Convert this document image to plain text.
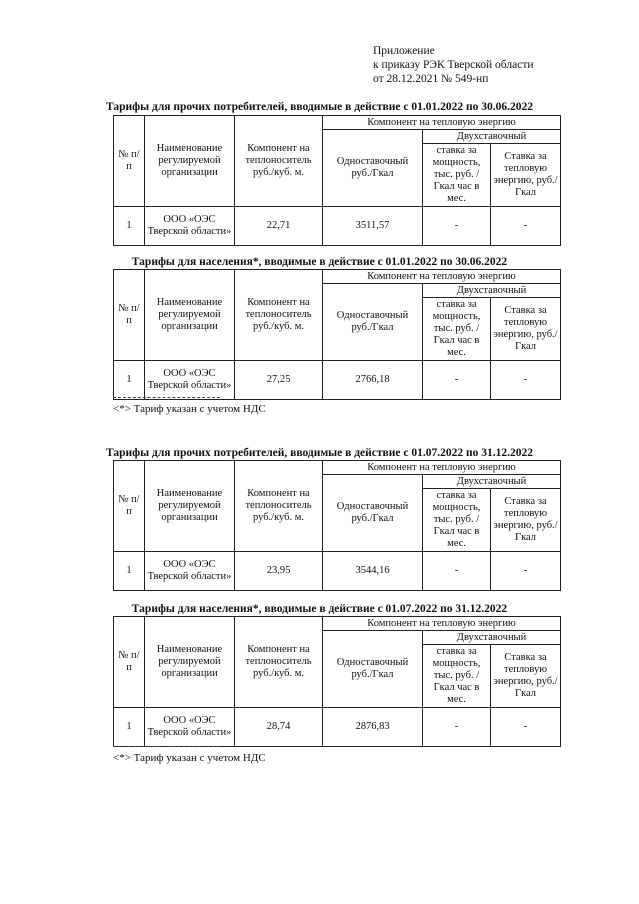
Приложение
к приказу РЭК Тверской области
от 28.12.2021 № 549-нп
Тарифы для прочих потребителей, вводимые в действие с 01.01.2022 по 30.06.2022
№ п/п	Наименование регулируемой организации	Компонент на теплоноситель руб./куб. м.	Компонент на тепловую энергию		
			Одноставочный руб./Гкал	Двухставочный	
				ставка за мощность, тыс. руб. /Гкал час в мес.	Ставка за тепловую энергию, руб./Гкал
1	ООО «ОЭС Тверской области»	22,71	3511,57	-	-
Тарифы для населения*, вводимые в действие с 01.01.2022 по 30.06.2022
№ п/п	Наименование регулируемой организации	Компонент на теплоноситель руб./куб. м.	Компонент на тепловую энергию		
			Одноставочный руб./Гкал	Двухставочный	
				ставка за мощность, тыс. руб. /Гкал час в мес.	Ставка за тепловую энергию, руб./Гкал
1	ООО «ОЭС Тверской области»	27,25	2766,18	-	-
<*> Тариф указан с учетом НДС
Тарифы для прочих потребителей, вводимые в действие с 01.07.2022 по 31.12.2022
№ п/п	Наименование регулируемой организации	Компонент на теплоноситель руб./куб. м.	Компонент на тепловую энергию		
			Одноставочный руб./Гкал	Двухставочный	
				ставка за мощность, тыс. руб. /Гкал час в мес.	Ставка за тепловую энергию, руб./Гкал
1	ООО «ОЭС Тверской области»	23,95	3544,16	-	-
Тарифы для населения*, вводимые в действие с 01.07.2022 по 31.12.2022
№ п/п	Наименование регулируемой организации	Компонент на теплоноситель руб./куб. м.	Компонент на тепловую энергию		
			Одноставочный руб./Гкал	Двухставочный	
				ставка за мощность, тыс. руб. /Гкал час в мес.	Ставка за тепловую энергию, руб./Гкал
1	ООО «ОЭС Тверской области»	28,74	2876,83	-	-
<*> Тариф указан с учетом НДС
